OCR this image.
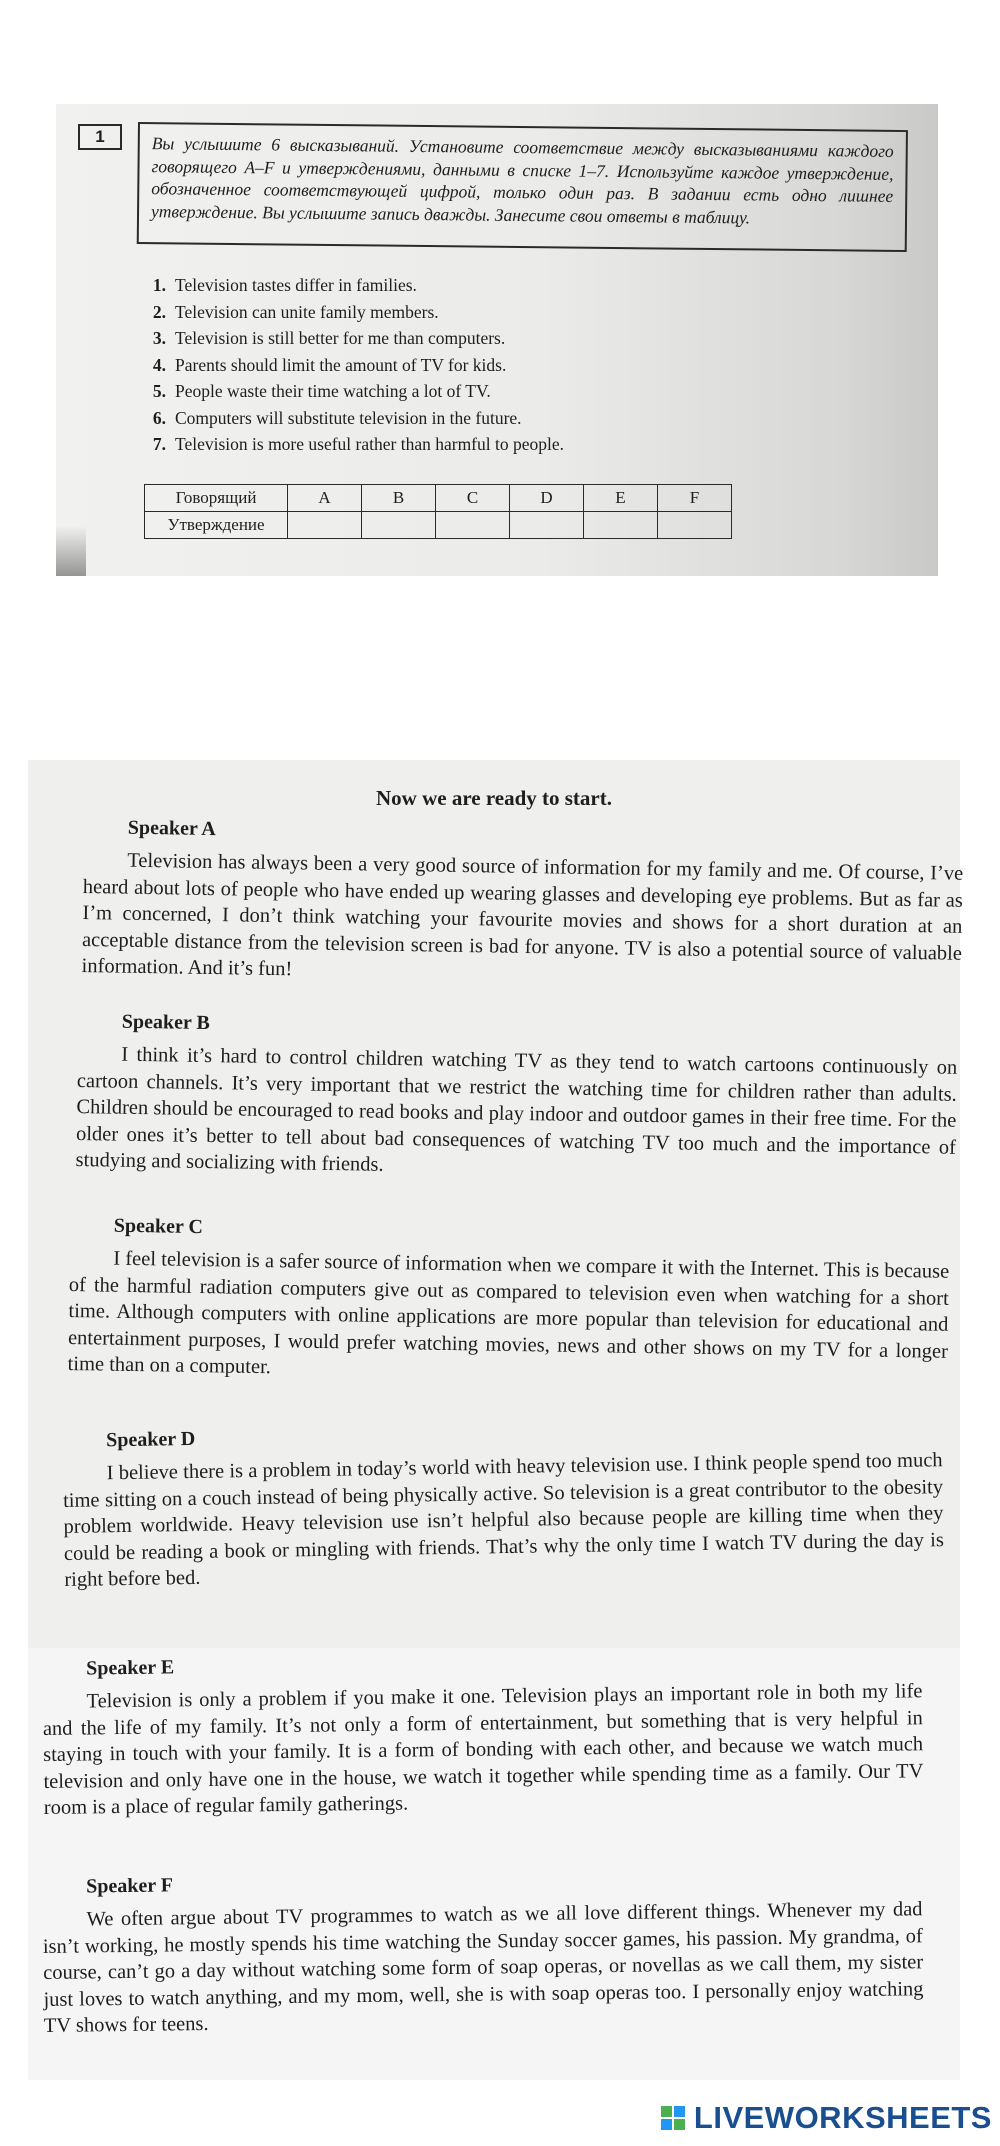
1	Вы услышите 6 высказываний. Установите соответствие между высказываниями каждого говорящего A–F и утверждениями, данными в списке 1–7. Используйте каждое утверждение, обозначенное соответствующей цифрой, только один раз. В задании есть одно лишнее утверждение. Вы услышите запись дважды. Занесите свои ответы в таблицу.
1. Television tastes differ in families.
2. Television can unite family members.
3. Television is still better for me than computers.
4. Parents should limit the amount of TV for kids.
5. People waste their time watching a lot of TV.
6. Computers will substitute television in the future.
7. Television is more useful rather than harmful to people.
Говорящий	A	B	C	D	E	F
Утверждение						
Now we are ready to start.

Speaker A

Television has always been a very good source of information for my family and me. Of course, I’ve heard about lots of people who have ended up wearing glasses and developing eye problems. But as far as I’m concerned, I don’t think watching your favourite movies and shows for a short duration at an acceptable distance from the television screen is bad for anyone. TV is also a potential source of valuable information. And it’s fun!

Speaker B

I think it’s hard to control children watching TV as they tend to watch cartoons continuously on cartoon channels. It’s very important that we restrict the watching time for children rather than adults. Children should be encouraged to read books and play indoor and outdoor games in their free time. For the older ones it’s better to tell about bad consequences of watching TV too much and the importance of studying and socializing with friends.

Speaker C

I feel television is a safer source of information when we compare it with the Internet. This is because of the harmful radiation computers give out as compared to television even when watching for a short time. Although computers with online applications are more popular than television for educational and entertainment purposes, I would prefer watching movies, news and other shows on my TV for a longer time than on a computer.

Speaker D

I believe there is a problem in today’s world with heavy television use. I think people spend too much time sitting on a couch instead of being physically active. So television is a great contributor to the obesity problem worldwide. Heavy television use isn’t helpful also because people are killing time when they could be reading a book or mingling with friends. That’s why the only time I watch TV during the day is right before bed.

Speaker E

Television is only a problem if you make it one. Television plays an important role in both my life and the life of my family. It’s not only a form of entertainment, but something that is very helpful in staying in touch with your family. It is a form of bonding with each other, and because we watch much television and only have one in the house, we watch it together while spending time as a family. Our TV room is a place of regular family gatherings.

Speaker F

We often argue about TV programmes to watch as we all love different things. Whenever my dad isn’t working, he mostly spends his time watching the Sunday soccer games, his passion. My grandma, of course, can’t go a day without watching some form of soap operas, or novellas as we call them, my sister just loves to watch anything, and my mom, well, she is with soap operas too. I personally enjoy watching TV shows for teens.

LIVEWORKSHEETS
